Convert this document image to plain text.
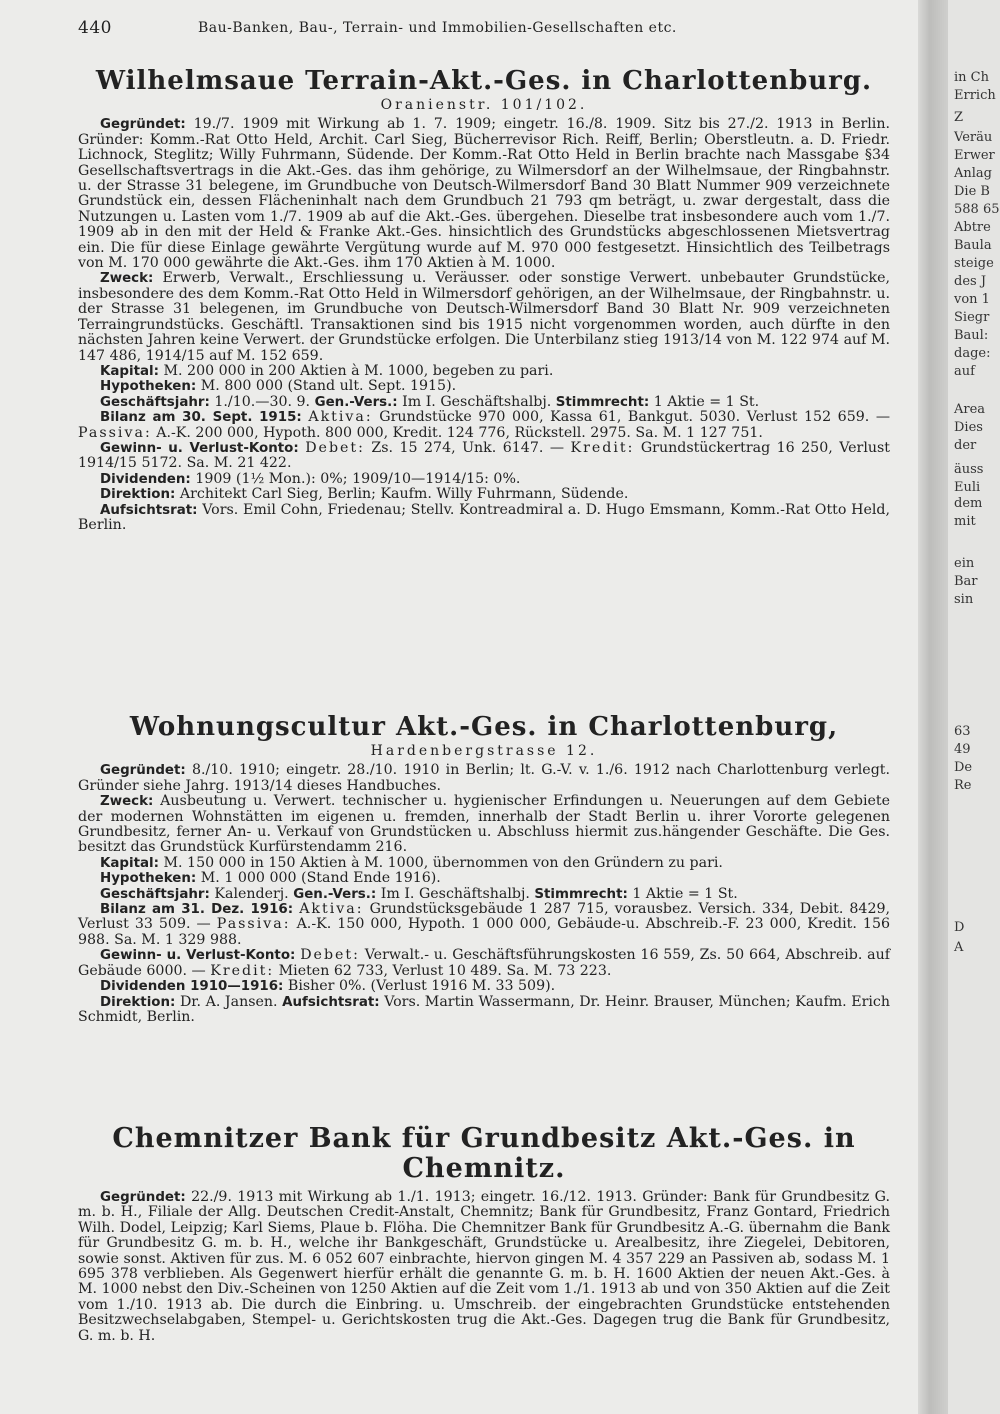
440	Bau-Banken, Bau-, Terrain- und Immobilien-Gesellschaften etc.
Wilhelmsaue Terrain-Akt.-Ges. in Charlottenburg.
Oranienstr. 101/102.

Gegründet: 19./7. 1909 mit Wirkung ab 1. 7. 1909; eingetr. 16./8. 1909. Sitz bis 27./2. 1913 in Berlin. Gründer: Komm.-Rat Otto Held, Archit. Carl Sieg, Bücherrevisor Rich. Reiff, Berlin; Oberstleutn. a. D. Friedr. Lichnock, Steglitz; Willy Fuhrmann, Südende. Der Komm.-Rat Otto Held in Berlin brachte nach Massgabe §34 Gesellschaftsvertrags in die Akt.-Ges. das ihm gehörige, zu Wilmersdorf an der Wilhelmsaue, der Ringbahnstr. u. der Strasse 31 belegene, im Grundbuche von Deutsch-Wilmersdorf Band 30 Blatt Nummer 909 verzeichnete Grundstück ein, dessen Flächeninhalt nach dem Grundbuch 21 793 qm beträgt, u. zwar dergestalt, dass die Nutzungen u. Lasten vom 1./7. 1909 ab auf die Akt.-Ges. übergehen. Dieselbe trat insbesondere auch vom 1./7. 1909 ab in den mit der Held & Franke Akt.-Ges. hinsichtlich des Grundstücks abgeschlossenen Mietsvertrag ein. Die für diese Einlage gewährte Vergütung wurde auf M. 970 000 festgesetzt. Hinsichtlich des Teilbetrags von M. 170 000 gewährte die Akt.-Ges. ihm 170 Aktien à M. 1000.

Zweck: Erwerb, Verwalt., Erschliessung u. Veräusser. oder sonstige Verwert. unbebauter Grundstücke, insbesondere des dem Komm.-Rat Otto Held in Wilmersdorf gehörigen, an der Wilhelmsaue, der Ringbahnstr. u. der Strasse 31 belegenen, im Grundbuche von Deutsch-Wilmersdorf Band 30 Blatt Nr. 909 verzeichneten Terraingrundstücks. Geschäftl. Transaktionen sind bis 1915 nicht vorgenommen worden, auch dürfte in den nächsten Jahren keine Verwert. der Grundstücke erfolgen. Die Unterbilanz stieg 1913/14 von M. 122 974 auf M. 147 486, 1914/15 auf M. 152 659.

Kapital: M. 200 000 in 200 Aktien à M. 1000, begeben zu pari.

Hypotheken: M. 800 000 (Stand ult. Sept. 1915).

Geschäftsjahr: 1./10.—30. 9. Gen.-Vers.: Im I. Geschäftshalbj. Stimmrecht: 1 Aktie = 1 St.

Bilanz am 30. Sept. 1915: Aktiva: Grundstücke 970 000, Kassa 61, Bankgut. 5030. Verlust 152 659. — Passiva: A.-K. 200 000, Hypoth. 800 000, Kredit. 124 776, Rückstell. 2975. Sa. M. 1 127 751.

Gewinn- u. Verlust-Konto: Debet: Zs. 15 274, Unk. 6147. — Kredit: Grundstückertrag 16 250, Verlust 1914/15 5172. Sa. M. 21 422.

Dividenden: 1909 (1½ Mon.): 0%; 1909/10—1914/15: 0%.

Direktion: Architekt Carl Sieg, Berlin; Kaufm. Willy Fuhrmann, Südende.

Aufsichtsrat: Vors. Emil Cohn, Friedenau; Stellv. Kontreadmiral a. D. Hugo Emsmann, Komm.-Rat Otto Held, Berlin.

Wohnungscultur Akt.-Ges. in Charlottenburg,
Hardenbergstrasse 12.

Gegründet: 8./10. 1910; eingetr. 28./10. 1910 in Berlin; lt. G.-V. v. 1./6. 1912 nach Charlottenburg verlegt. Gründer siehe Jahrg. 1913/14 dieses Handbuches.

Zweck: Ausbeutung u. Verwert. technischer u. hygienischer Erfindungen u. Neuerungen auf dem Gebiete der modernen Wohnstätten im eigenen u. fremden, innerhalb der Stadt Berlin u. ihrer Vororte gelegenen Grundbesitz, ferner An- u. Verkauf von Grundstücken u. Abschluss hiermit zus.hängender Geschäfte. Die Ges. besitzt das Grundstück Kurfürstendamm 216.

Kapital: M. 150 000 in 150 Aktien à M. 1000, übernommen von den Gründern zu pari.

Hypotheken: M. 1 000 000 (Stand Ende 1916).

Geschäftsjahr: Kalenderj. Gen.-Vers.: Im I. Geschäftshalbj. Stimmrecht: 1 Aktie = 1 St.

Bilanz am 31. Dez. 1916: Aktiva: Grundstücksgebäude 1 287 715, vorausbez. Versich. 334, Debit. 8429, Verlust 33 509. — Passiva: A.-K. 150 000, Hypoth. 1 000 000, Gebäude-u. Abschreib.-F. 23 000, Kredit. 156 988. Sa. M. 1 329 988.

Gewinn- u. Verlust-Konto: Debet: Verwalt.- u. Geschäftsführungskosten 16 559, Zs. 50 664, Abschreib. auf Gebäude 6000. — Kredit: Mieten 62 733, Verlust 10 489. Sa. M. 73 223.

Dividenden 1910—1916: Bisher 0%. (Verlust 1916 M. 33 509).

Direktion: Dr. A. Jansen. Aufsichtsrat: Vors. Martin Wassermann, Dr. Heinr. Brauser, München; Kaufm. Erich Schmidt, Berlin.

Chemnitzer Bank für Grundbesitz Akt.-Ges. in Chemnitz.

Gegründet: 22./9. 1913 mit Wirkung ab 1./1. 1913; eingetr. 16./12. 1913. Gründer: Bank für Grundbesitz G. m. b. H., Filiale der Allg. Deutschen Credit-Anstalt, Chemnitz; Bank für Grundbesitz, Franz Gontard, Friedrich Wilh. Dodel, Leipzig; Karl Siems, Plaue b. Flöha. Die Chemnitzer Bank für Grundbesitz A.-G. übernahm die Bank für Grundbesitz G. m. b. H., welche ihr Bankgeschäft, Grundstücke u. Arealbesitz, ihre Ziegelei, Debitoren, sowie sonst. Aktiven für zus. M. 6 052 607 einbrachte, hiervon gingen M. 4 357 229 an Passiven ab, sodass M. 1 695 378 verblieben. Als Gegenwert hierfür erhält die genannte G. m. b. H. 1600 Aktien der neuen Akt.-Ges. à M. 1000 nebst den Div.-Scheinen von 1250 Aktien auf die Zeit vom 1./1. 1913 ab und von 350 Aktien auf die Zeit vom 1./10. 1913 ab. Die durch die Einbring. u. Umschreib. der eingebrachten Grundstücke entstehenden Besitzwechselabgaben, Stempel- u. Gerichtskosten trug die Akt.-Ges. Dagegen trug die Bank für Grundbesitz, G. m. b. H.

in Ch
Errich
Z
Veräu
Erwer
Anlag
Die B
588 65
Abtre
Baula
steige
des J
von 1
Siegr
Baul:
dage:
auf
Area
Dies
der
äuss
Euli
dem
mit
ein
Bar
sin
63
49
De
Re
D
A
